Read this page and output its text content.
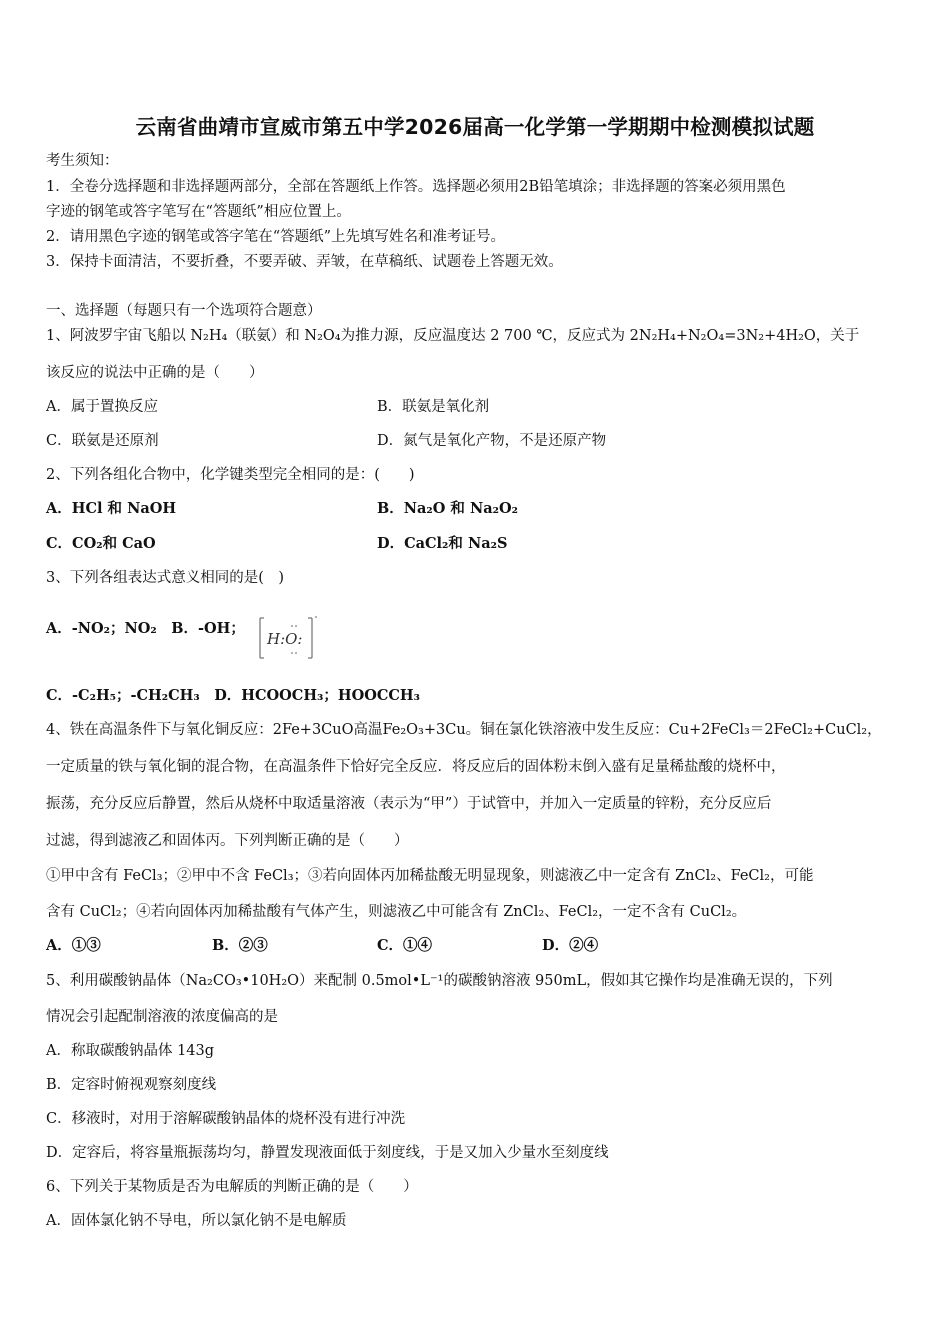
云南省曲靖市宣威市第五中学2026届高一化学第一学期期中检测模拟试题
考生须知：
1．全卷分选择题和非选择题两部分，全部在答题纸上作答。选择题必须用2B铅笔填涂；非选择题的答案必须用黑色
字迹的钢笔或答字笔写在“答题纸”相应位置上。
2．请用黑色字迹的钢笔或答字笔在“答题纸”上先填写姓名和准考证号。
3．保持卡面清洁，不要折叠，不要弄破、弄皱，在草稿纸、试题卷上答题无效。
一、选择题（每题只有一个选项符合题意）
1、阿波罗宇宙飞船以 N₂H₄（联氨）和 N₂O₄为推力源，反应温度达 2 700 ℃，反应式为 2N₂H₄+N₂O₄=3N₂+4H₂O，关于
该反应的说法中正确的是（　　）
A．属于置换反应	B．联氨是氧化剂
C．联氨是还原剂	D．氮气是氧化产物，不是还原产物
2、下列各组化合物中，化学键类型完全相同的是：(　　)
A．HCl 和 NaOH	B．Na₂O 和 Na₂O₂
C．CO₂和 CaO	D．CaCl₂和 Na₂S
3、下列各组表达式意义相同的是(　)
A．-NO₂；NO₂　B．-OH；
H:O:
C．-C₂H₅；-CH₂CH₃　D．HCOOCH₃；HOOCCH₃
4、铁在高温条件下与氧化铜反应：2Fe+3CuO高温Fe₂O₃+3Cu。铜在氯化铁溶液中发生反应：Cu+2FeCl₃＝2FeCl₂+CuCl₂，
一定质量的铁与氧化铜的混合物，在高温条件下恰好完全反应．将反应后的固体粉末倒入盛有足量稀盐酸的烧杯中，
振荡，充分反应后静置，然后从烧杯中取适量溶液（表示为“甲”）于试管中，并加入一定质量的锌粉，充分反应后
过滤，得到滤液乙和固体丙。下列判断正确的是（　　）
①甲中含有 FeCl₃；②甲中不含 FeCl₃；③若向固体丙加稀盐酸无明显现象，则滤液乙中一定含有 ZnCl₂、FeCl₂，可能
含有 CuCl₂；④若向固体丙加稀盐酸有气体产生，则滤液乙中可能含有 ZnCl₂、FeCl₂，一定不含有 CuCl₂。
A．①③	B．②③	C．①④	D．②④
5、利用碳酸钠晶体（Na₂CO₃•10H₂O）来配制 0.5mol•L⁻¹的碳酸钠溶液 950mL，假如其它操作均是准确无误的，下列
情况会引起配制溶液的浓度偏高的是
A．称取碳酸钠晶体 143g
B．定容时俯视观察刻度线
C．移液时，对用于溶解碳酸钠晶体的烧杯没有进行冲洗
D．定容后，将容量瓶振荡均匀，静置发现液面低于刻度线，于是又加入少量水至刻度线
6、下列关于某物质是否为电解质的判断正确的是（　　）
A．固体氯化钠不导电，所以氯化钠不是电解质
